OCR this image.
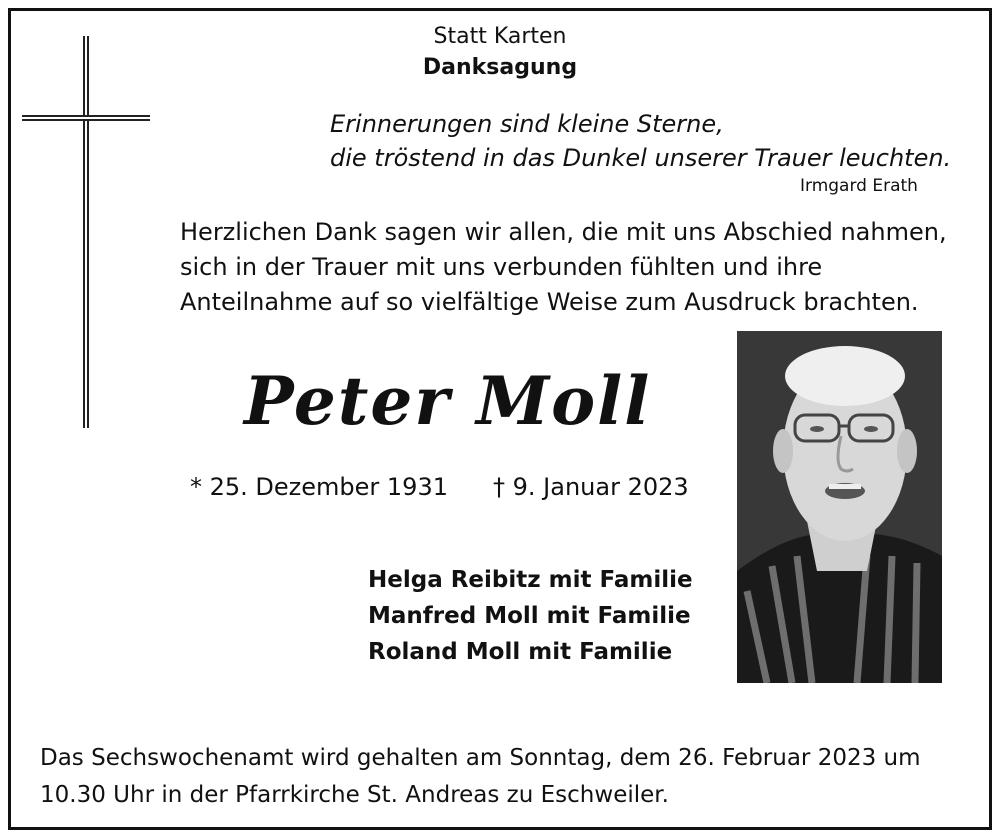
Statt Karten
Danksagung
Erinnerungen sind kleine Sterne,
die tröstend in das Dunkel unserer Trauer leuchten.
Irmgard Erath
Herzlichen Dank sagen wir allen, die mit uns Abschied nahmen,
sich in der Trauer mit uns verbunden fühlten und ihre
Anteilnahme auf so vielfältige Weise zum Ausdruck brachten.
Peter Moll
* 25. Dezember 1931 † 9. Januar 2023
Helga Reibitz mit Familie
Manfred Moll mit Familie
Roland Moll mit Familie
Das Sechswochenamt wird gehalten am Sonntag, dem 26. Februar 2023 um
10.30 Uhr in der Pfarrkirche St. Andreas zu Eschweiler.
